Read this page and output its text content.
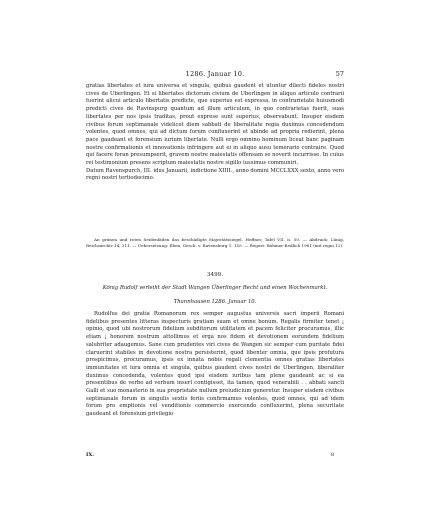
1286. Januar 10.	57

gratias libertates et iura universa et singula, quibus gaudent et utuntur dilecti fideles nostri cives de Uberlingen. Et si libertates dictorum civium de Uberlingen in aliquo articulo contrarii fuerint alicui articulo libertatis predicte, que superius est expressa, in contrarietate huiusmodi predicti cives de Ravinspurg quantum ad illum articulum, in quo contrarietas fuerit, suas libertates per nos ipsis traditas, prout exprese sunt superius, observabunt. Insuper eisdem civibus forum septimanale videlicet diem sabbati de liberalitate regia duximus concedendum volentes, quod omnes, qui ad dictum forum confluxerint et abinde ad propria redierint, plena pace gaudeant et forensium iurium libertate. Nulli ergo omnino hominum liceat banc paginam nostre confirmationis et innovationis infringere aut ei in aliquo ausu temerario contraire. Quod qui facere foran presumpserit, gravem nostre maiestatis offensam se noverit incurrisse. In cuius rei testimonium presens scriptum maiestatis nostre sigillo iussimus communiri.

Datum Ravenspurch, III. idus Januarii, indictione XIIII., anno domini MCCLXXX sexto, anno vero regni nostri tertiodecimo.

An grünen und roten Seidenfäden das beschädigte Majestätssiegel, Heffner, Tafel VII, n. 50. — Abdruck: Lünig, Reichsarchiv 14, 211. — Uebersetzung: Eben, Gesch. v. Ravensburg 1, 155. — Regest: Böhmer-Redlich 1961 (mit regni 12).

3499.
König Rudolf verleiht der Stadt Wangen Überlinger Recht und einen Wochenmarkt.
Thannhausen 1286. Januar 10.

Rudolfus dei gratia Romanorum rex semper augustus universis sacri imperii Romani fidelibus presentes litteras inspecturis gratiam suam et omne bonum. Regalis firmiter tenet ¡ opinio, quod ubi nostrorum fidelium subditorum utilitatem et pacem feliciter procuramus, illic etiam ¡ honorem nostrum attollimus et erga nos fidem et devotionem eorundem fidelium salubriter adaugemus. Sane cum prudentes viri cives de Wangen sic semper cum puritate fidei claruerint stabiles in devotione nostra persisterint, quod libenter omnia, que ipsis profutura prospicimus, procuramus, ipsis ex innata nobis regali clementia omnes gratias libertates immunitates et iura omnia et singula, quibus gaudent cives nostri de Uberlingen, liberaliter duximus concedenda, volentes quod ipsi eisdem iuribus tam plene gaudeant ac si ea presentibus de verbo ad verbum inserl contigisset, ita tamen, quod venerabili . . abbati sancti Galli et suo monasterio in sua proprietate nullum preiudicium generetur. Insuper eisdem civibus septimanale forum in singulis sextis feriis confirmamus volentes, quod omnes, qui ad idem forum pro emptionis vel venditionis commercio exercendo confluxerint, plena securitate gaudeant et forensium privilegio

IX.	8
